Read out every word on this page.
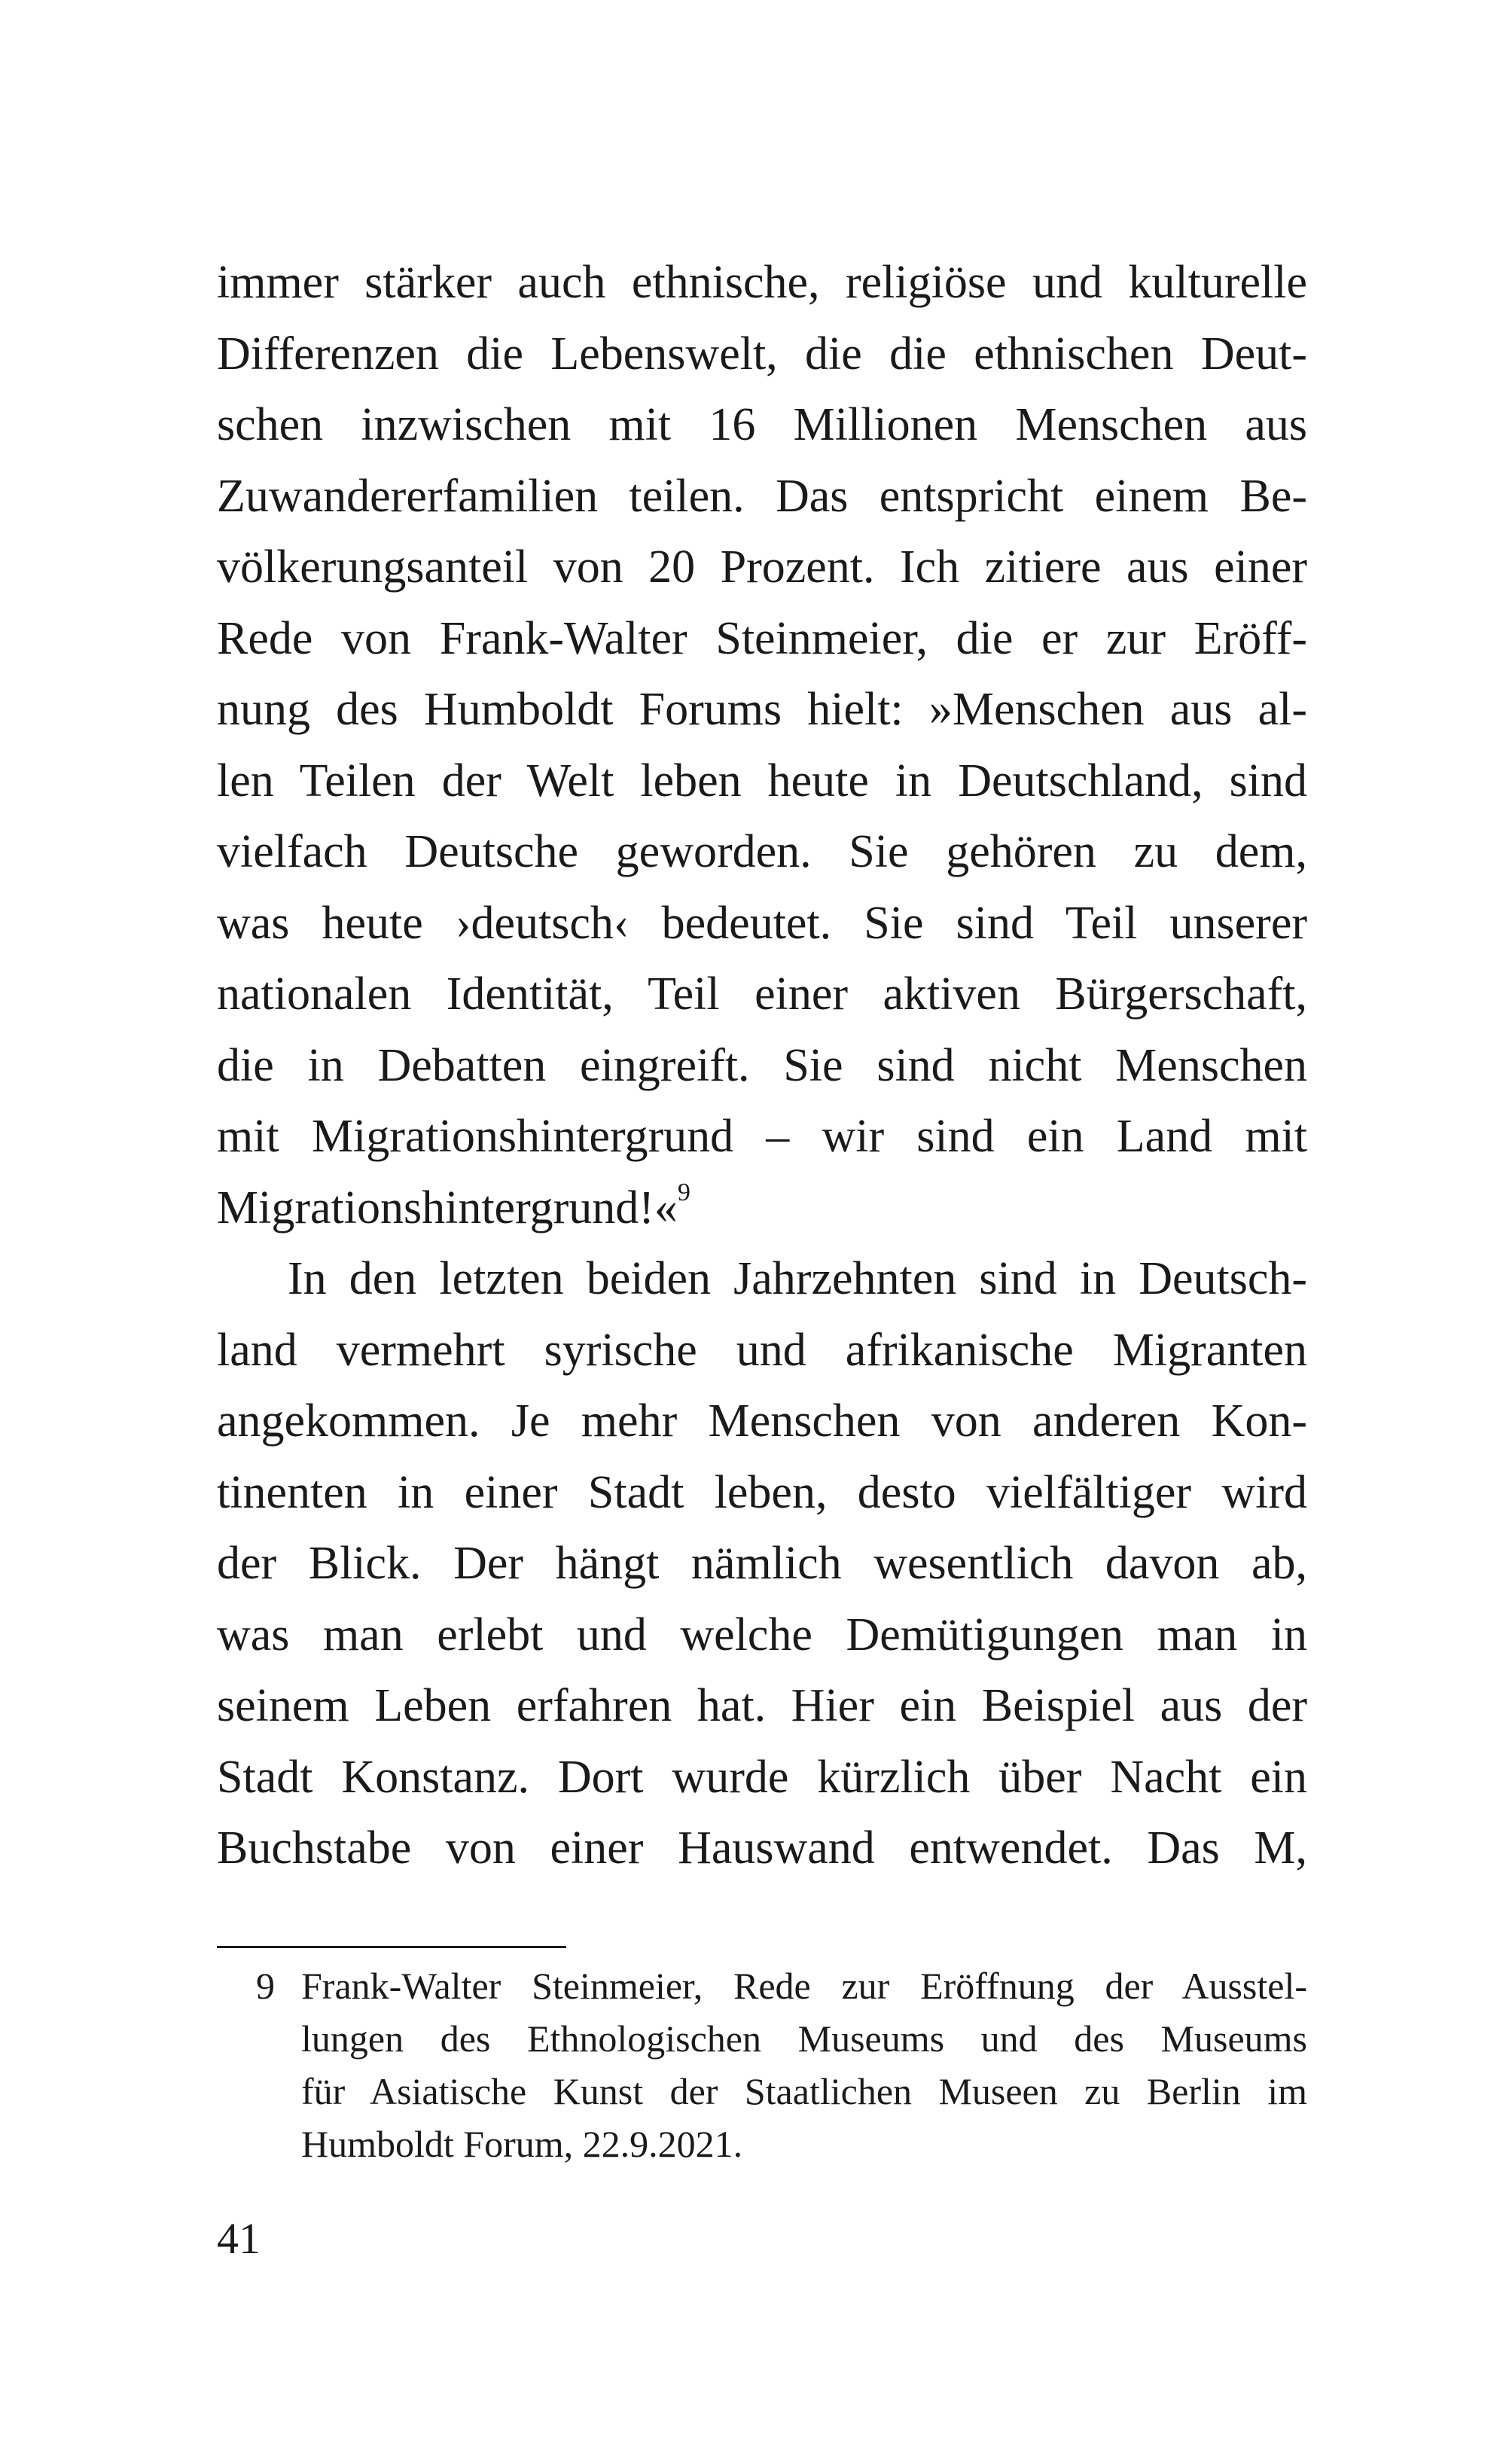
immer stärker auch ethnische, religiöse und kulturelle
Differenzen die Lebenswelt, die die ethnischen Deut-
schen inzwischen mit 16 Millionen Menschen aus
Zuwandererfamilien teilen. Das entspricht einem Be-
völkerungsanteil von 20 Prozent. Ich zitiere aus einer
Rede von Frank-Walter Steinmeier, die er zur Eröff-
nung des Humboldt Forums hielt: »Menschen aus al-
len Teilen der Welt leben heute in Deutschland, sind
vielfach Deutsche geworden. Sie gehören zu dem,
was heute ›deutsch‹ bedeutet. Sie sind Teil unserer
nationalen Identität, Teil einer aktiven Bürgerschaft,
die in Debatten eingreift. Sie sind nicht Menschen
mit Migrationshintergrund – wir sind ein Land mit
Migrationshintergrund!«$^9$
In den letzten beiden Jahrzehnten sind in Deutsch-
land vermehrt syrische und afrikanische Migranten
angekommen. Je mehr Menschen von anderen Kon-
tinenten in einer Stadt leben, desto vielfältiger wird
der Blick. Der hängt nämlich wesentlich davon ab,
was man erlebt und welche Demütigungen man in
seinem Leben erfahren hat. Hier ein Beispiel aus der
Stadt Konstanz. Dort wurde kürzlich über Nacht ein
Buchstabe von einer Hauswand entwendet. Das M,
9 Frank-Walter Steinmeier, Rede zur Eröffnung der Ausstel-
lungen des Ethnologischen Museums und des Museums
für Asiatische Kunst der Staatlichen Museen zu Berlin im
Humboldt Forum, 22.9.2021.
41
